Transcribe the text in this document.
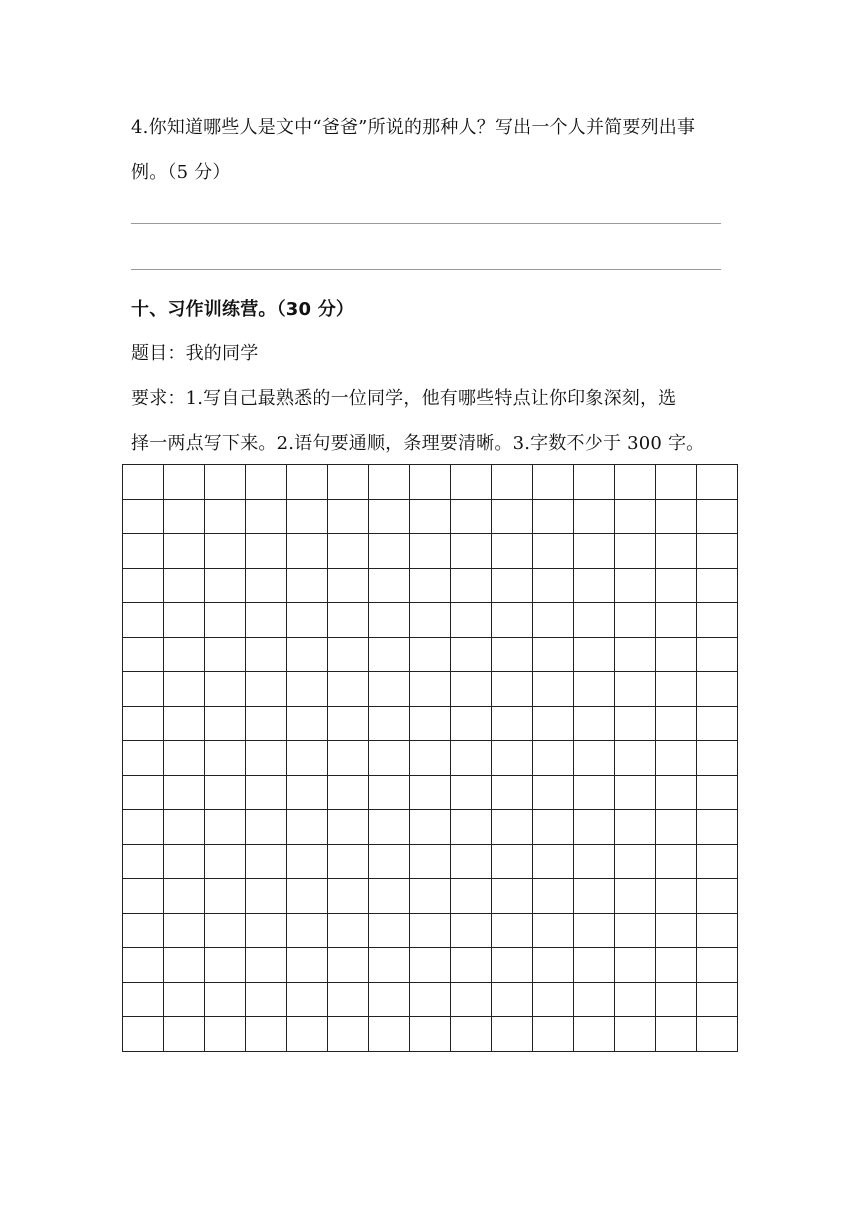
4.你知道哪些人是文中“爸爸”所说的那种人？写出一个人并简要列出事
例。（5 分）
十、习作训练营。（30 分）
题目：我的同学
要求：1.写自己最熟悉的一位同学，他有哪些特点让你印象深刻，选
择一两点写下来。2.语句要通顺，条理要清晰。3.字数不少于 300 字。
